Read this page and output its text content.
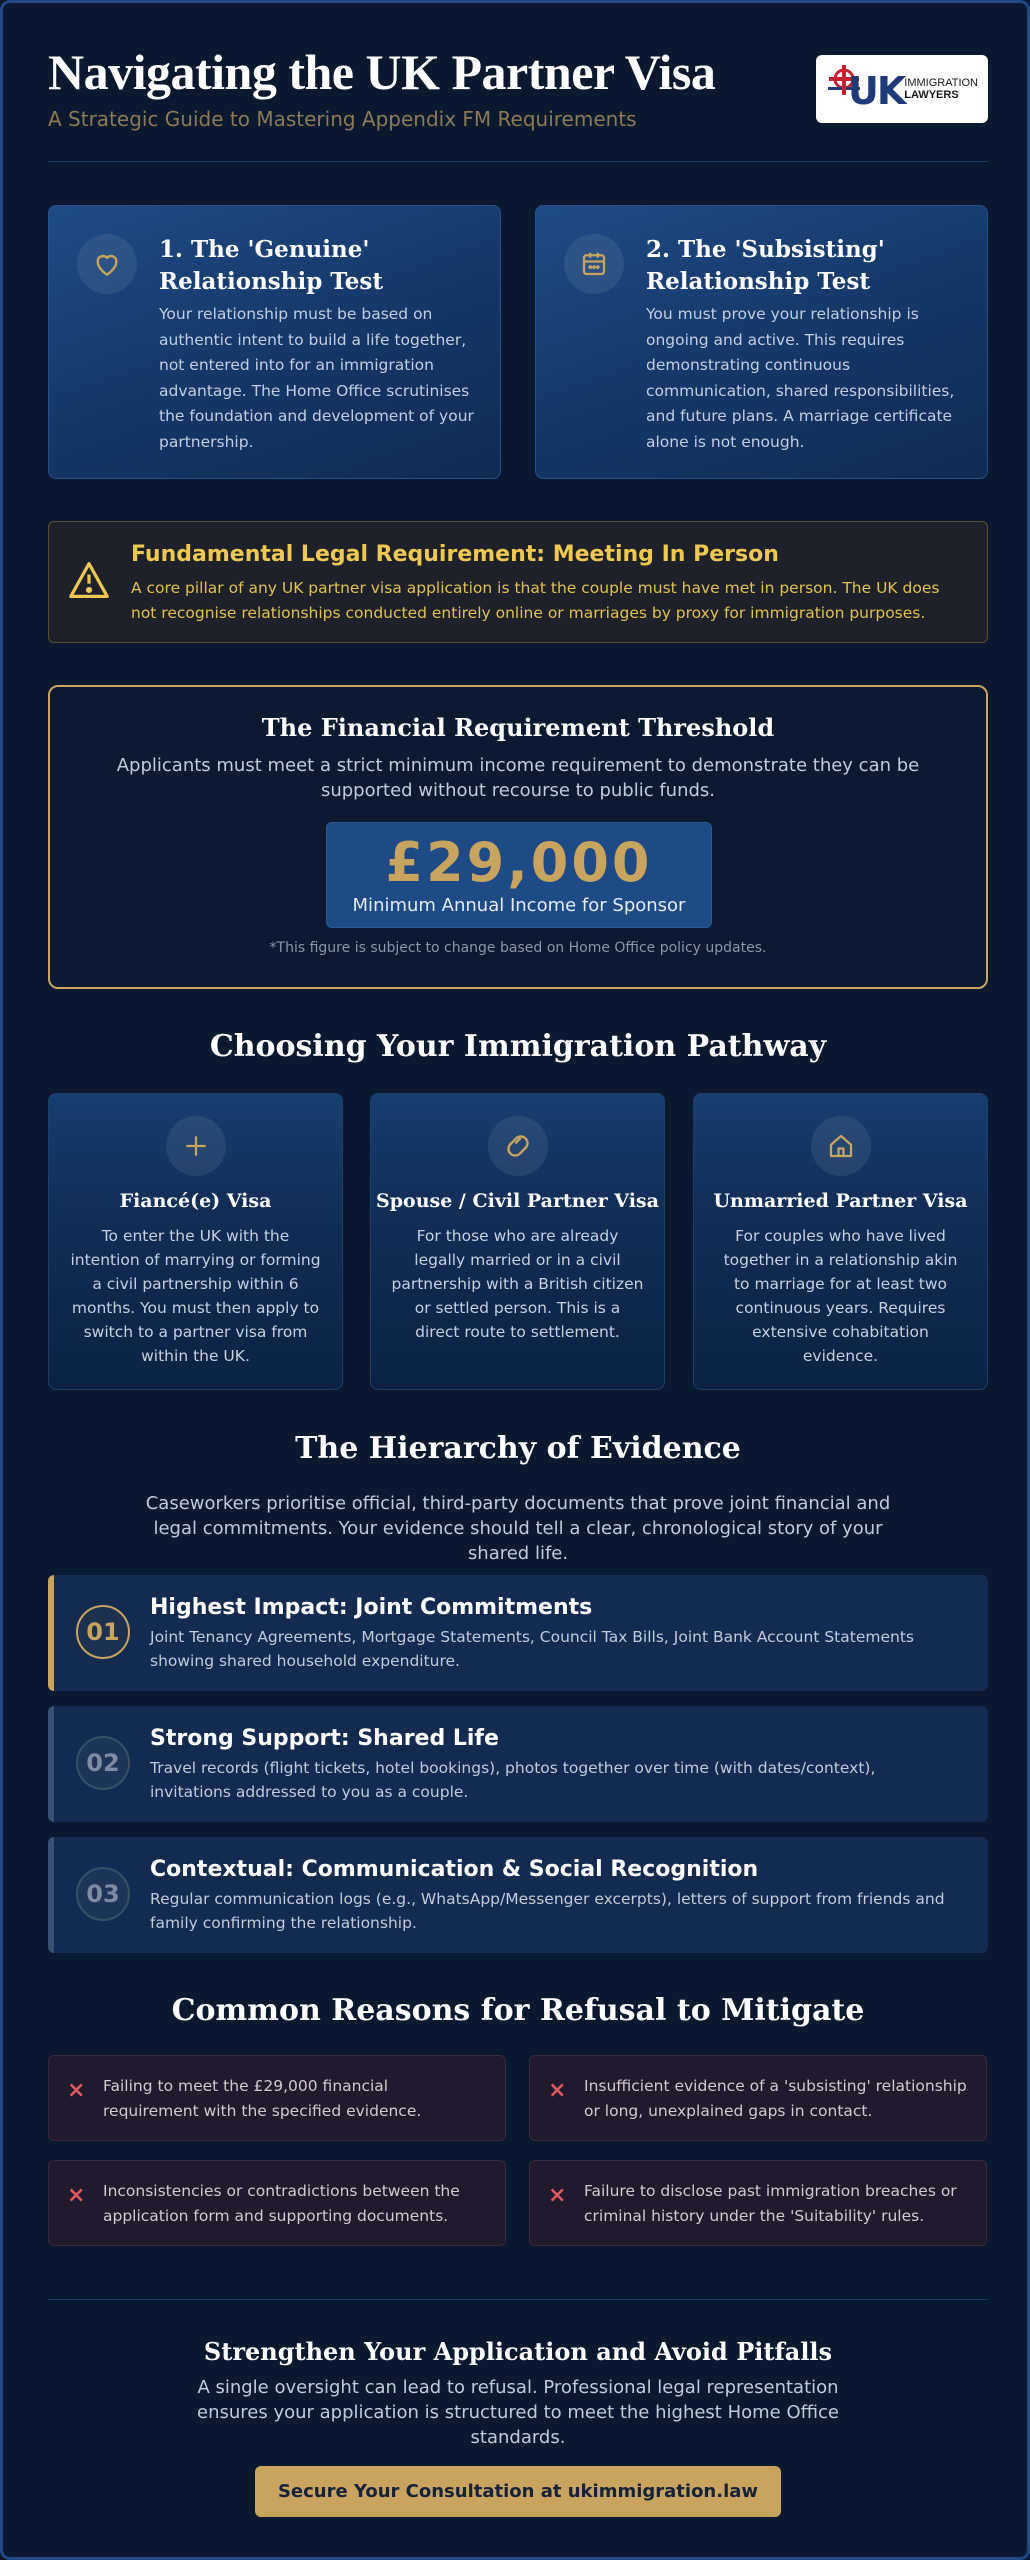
Navigating the UK Partner Visa
A Strategic Guide to Mastering Appendix FM Requirements
UK IMMIGRATION
LAWYERS
1. The 'Genuine' Relationship Test

Your relationship must be based on authentic intent to build a life together, not entered into for an immigration advantage. The Home Office scrutinises the foundation and development of your partnership.

2. The 'Subsisting' Relationship Test

You must prove your relationship is ongoing and active. This requires demonstrating continuous communication, shared responsibilities, and future plans. A marriage certificate alone is not enough.

Fundamental Legal Requirement: Meeting In Person

A core pillar of any UK partner visa application is that the couple must have met in person. The UK does not recognise relationships conducted entirely online or marriages by proxy for immigration purposes.

The Financial Requirement Threshold
Applicants must meet a strict minimum income requirement to demonstrate they can be supported without recourse to public funds.
£29,000
Minimum Annual Income for Sponsor
*This figure is subject to change based on Home Office policy updates.
Choosing Your Immigration Pathway
Fiancé(e) Visa

To enter the UK with the intention of marrying or forming a civil partnership within 6 months. You must then apply to switch to a partner visa from within the UK.

Spouse / Civil Partner Visa

For those who are already legally married or in a civil partnership with a British citizen or settled person. This is a direct route to settlement.

Unmarried Partner Visa

For couples who have lived together in a relationship akin to marriage for at least two continuous years. Requires extensive cohabitation evidence.

The Hierarchy of Evidence
Caseworkers prioritise official, third-party documents that prove joint financial and legal commitments. Your evidence should tell a clear, chronological story of your shared life.
01
Highest Impact: Joint Commitments

Joint Tenancy Agreements, Mortgage Statements, Council Tax Bills, Joint Bank Account Statements showing shared household expenditure.

02
Strong Support: Shared Life

Travel records (flight tickets, hotel bookings), photos together over time (with dates/context), invitations addressed to you as a couple.

03
Contextual: Communication & Social Recognition

Regular communication logs (e.g., WhatsApp/Messenger excerpts), letters of support from friends and family confirming the relationship.

Common Reasons for Refusal to Mitigate
× Failing to meet the £29,000 financial requirement with the specified evidence.

× Insufficient evidence of a 'subsisting' relationship or long, unexplained gaps in contact.

× Inconsistencies or contradictions between the application form and supporting documents.

× Failure to disclose past immigration breaches or criminal history under the 'Suitability' rules.

Strengthen Your Application and Avoid Pitfalls
A single oversight can lead to refusal. Professional legal representation ensures your application is structured to meet the highest Home Office standards.
Secure Your Consultation at ukimmigration.law
